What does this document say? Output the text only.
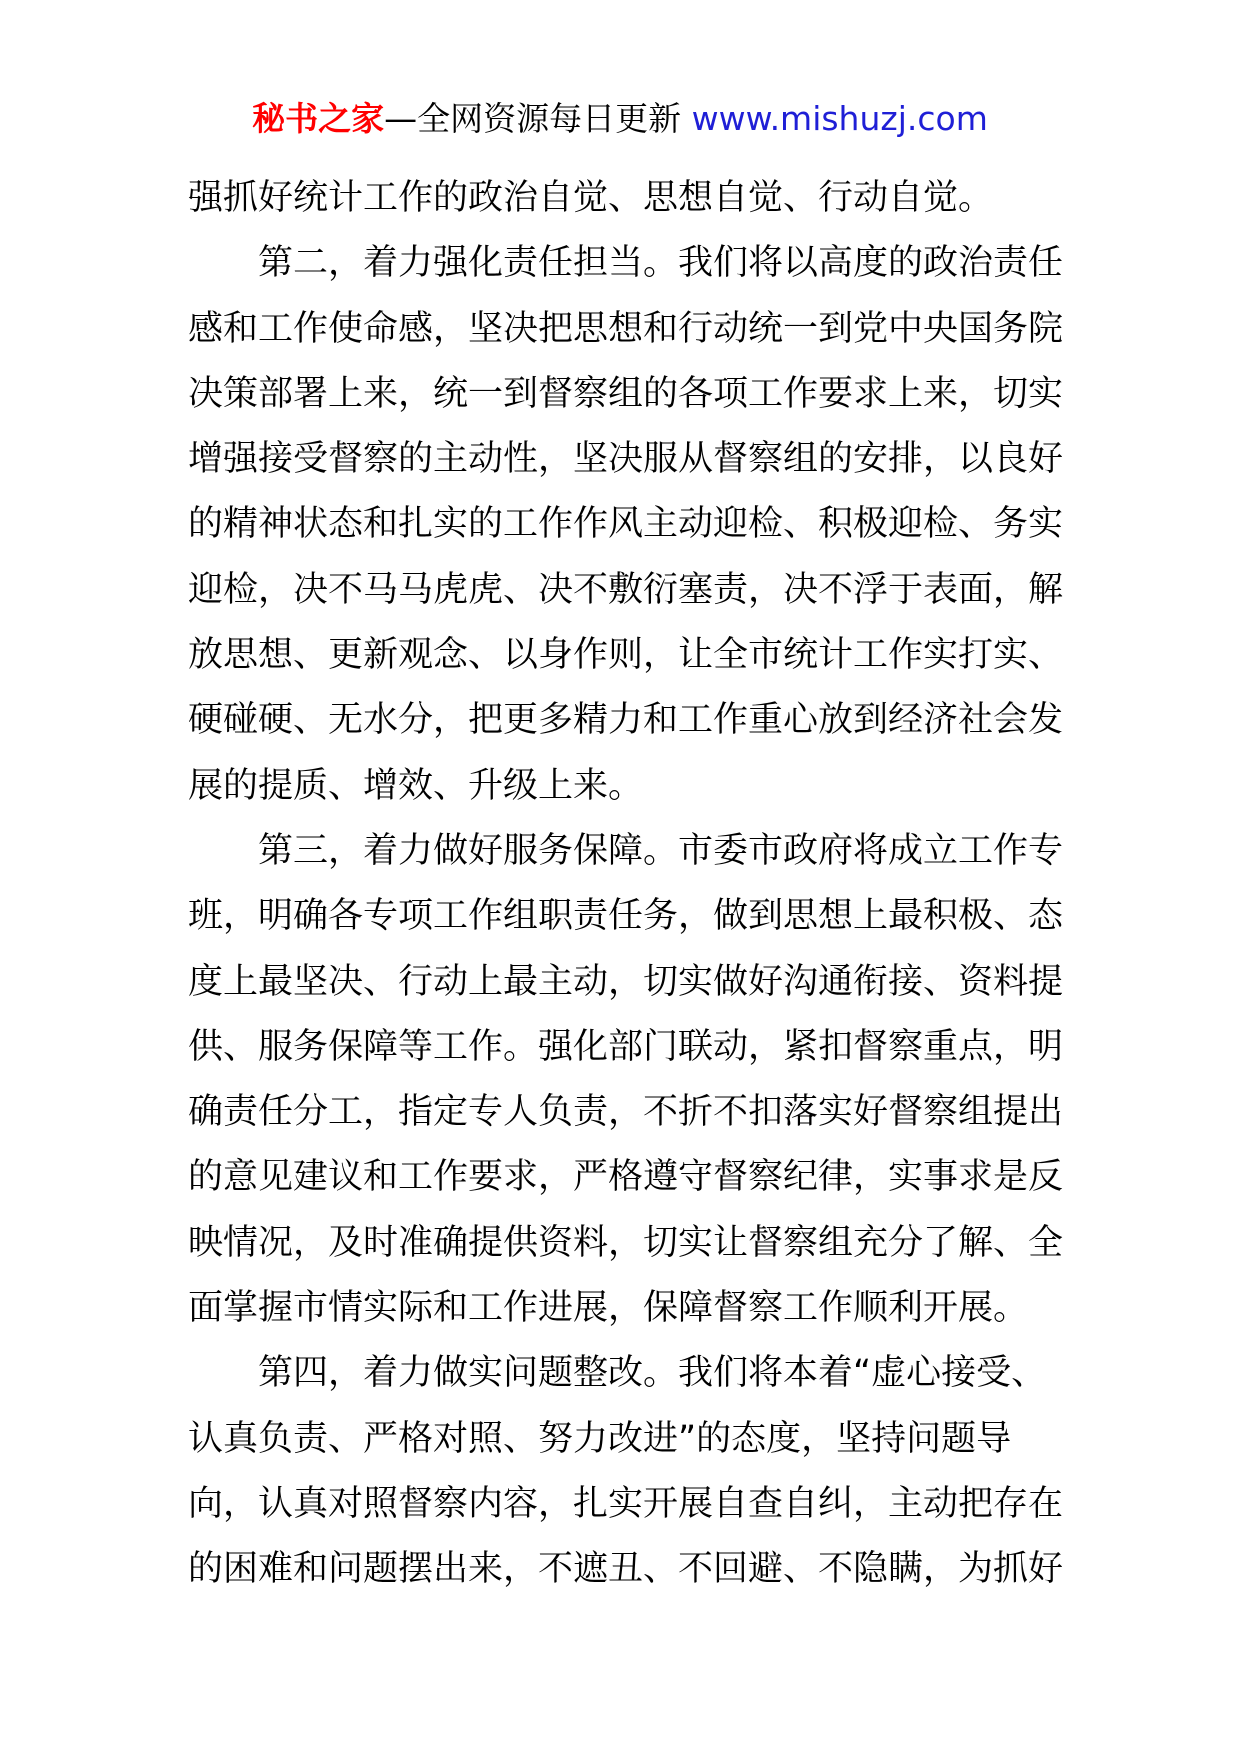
秘书之家—全网资源每日更新 www.mishuzj.com
强抓好统计工作的政治自觉、思想自觉、行动自觉。
第二，着力强化责任担当。我们将以高度的政治责任
感和工作使命感，坚决把思想和行动统一到党中央国务院
决策部署上来，统一到督察组的各项工作要求上来，切实
增强接受督察的主动性，坚决服从督察组的安排，以良好
的精神状态和扎实的工作作风主动迎检、积极迎检、务实
迎检，决不马马虎虎、决不敷衍塞责，决不浮于表面，解
放思想、更新观念、以身作则，让全市统计工作实打实、
硬碰硬、无水分，把更多精力和工作重心放到经济社会发
展的提质、增效、升级上来。
第三，着力做好服务保障。市委市政府将成立工作专
班，明确各专项工作组职责任务，做到思想上最积极、态
度上最坚决、行动上最主动，切实做好沟通衔接、资料提
供、服务保障等工作。强化部门联动，紧扣督察重点，明
确责任分工，指定专人负责，不折不扣落实好督察组提出
的意见建议和工作要求，严格遵守督察纪律，实事求是反
映情况，及时准确提供资料，切实让督察组充分了解、全
面掌握市情实际和工作进展，保障督察工作顺利开展。
第四，着力做实问题整改。我们将本着“虚心接受、
认真负责、严格对照、努力改进”的态度，坚持问题导
向，认真对照督察内容，扎实开展自查自纠，主动把存在
的困难和问题摆出来，不遮丑、不回避、不隐瞒，为抓好
